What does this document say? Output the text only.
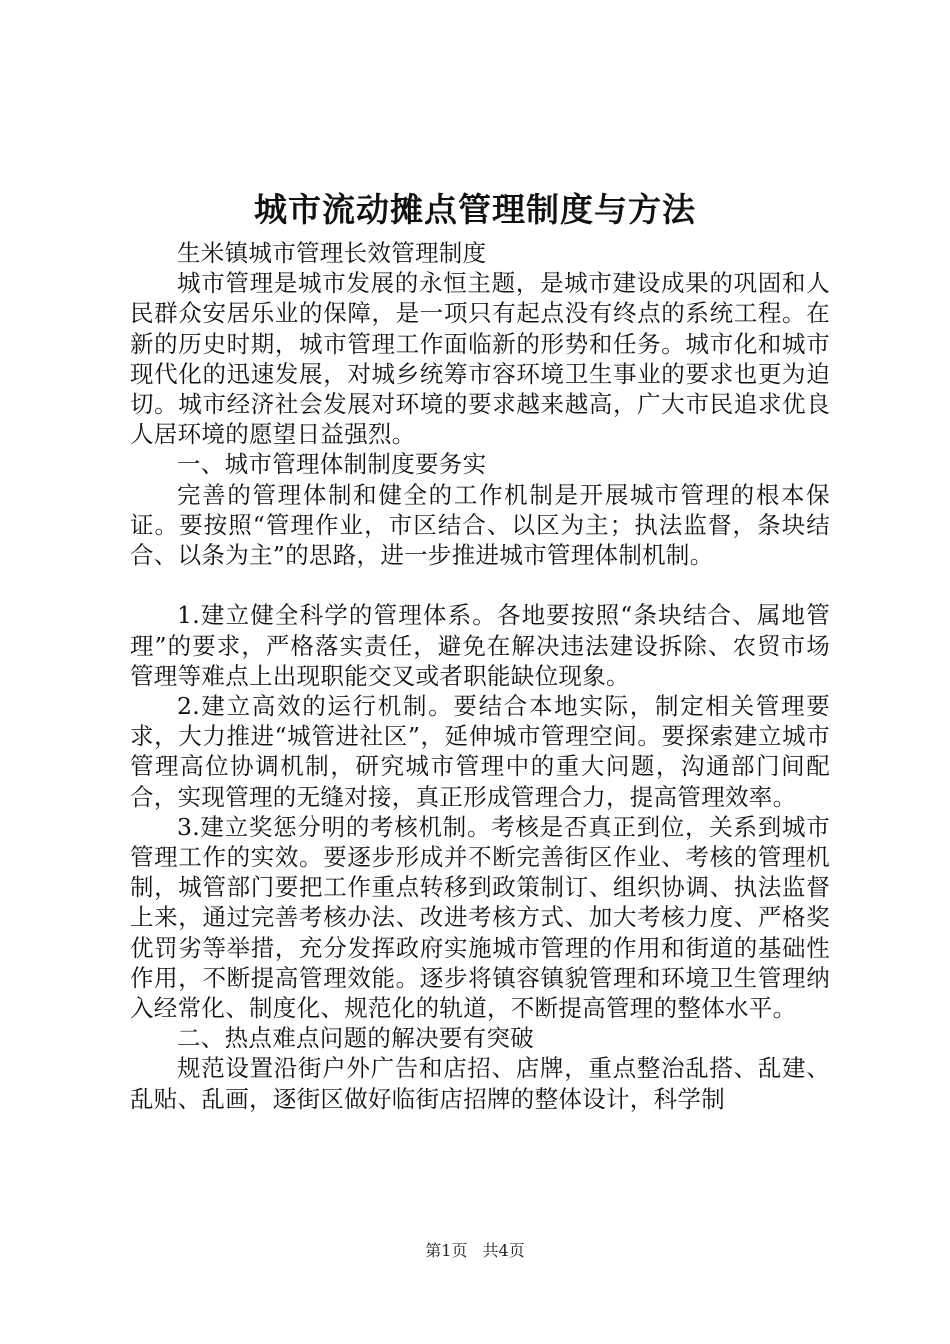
城市流动摊点管理制度与方法

生米镇城市管理长效管理制度

城市管理是城市发展的永恒主题，是城市建设成果的巩固和人民群众安居乐业的保障，是一项只有起点没有终点的系统工程。在新的历史时期，城市管理工作面临新的形势和任务。城市化和城市现代化的迅速发展，对城乡统筹市容环境卫生事业的要求也更为迫切。城市经济社会发展对环境的要求越来越高，广大市民追求优良人居环境的愿望日益强烈。

一、城市管理体制制度要务实

完善的管理体制和健全的工作机制是开展城市管理的根本保证。要按照“管理作业，市区结合、以区为主；执法监督，条块结合、以条为主”的思路，进一步推进城市管理体制机制。

1.建立健全科学的管理体系。各地要按照“条块结合、属地管理”的要求，严格落实责任，避免在解决违法建设拆除、农贸市场管理等难点上出现职能交叉或者职能缺位现象。

2.建立高效的运行机制。要结合本地实际，制定相关管理要求，大力推进“城管进社区”，延伸城市管理空间。要探索建立城市管理高位协调机制，研究城市管理中的重大问题，沟通部门间配合，实现管理的无缝对接，真正形成管理合力，提高管理效率。

3.建立奖惩分明的考核机制。考核是否真正到位，关系到城市管理工作的实效。要逐步形成并不断完善街区作业、考核的管理机制，城管部门要把工作重点转移到政策制订、组织协调、执法监督上来，通过完善考核办法、改进考核方式、加大考核力度、严格奖优罚劣等举措，充分发挥政府实施城市管理的作用和街道的基础性作用，不断提高管理效能。逐步将镇容镇貌管理和环境卫生管理纳入经常化、制度化、规范化的轨道，不断提高管理的整体水平。

二、热点难点问题的解决要有突破

规范设置沿街户外广告和店招、店牌，重点整治乱搭、乱建、乱贴、乱画，逐街区做好临街店招牌的整体设计，科学制

第1页 共4页
